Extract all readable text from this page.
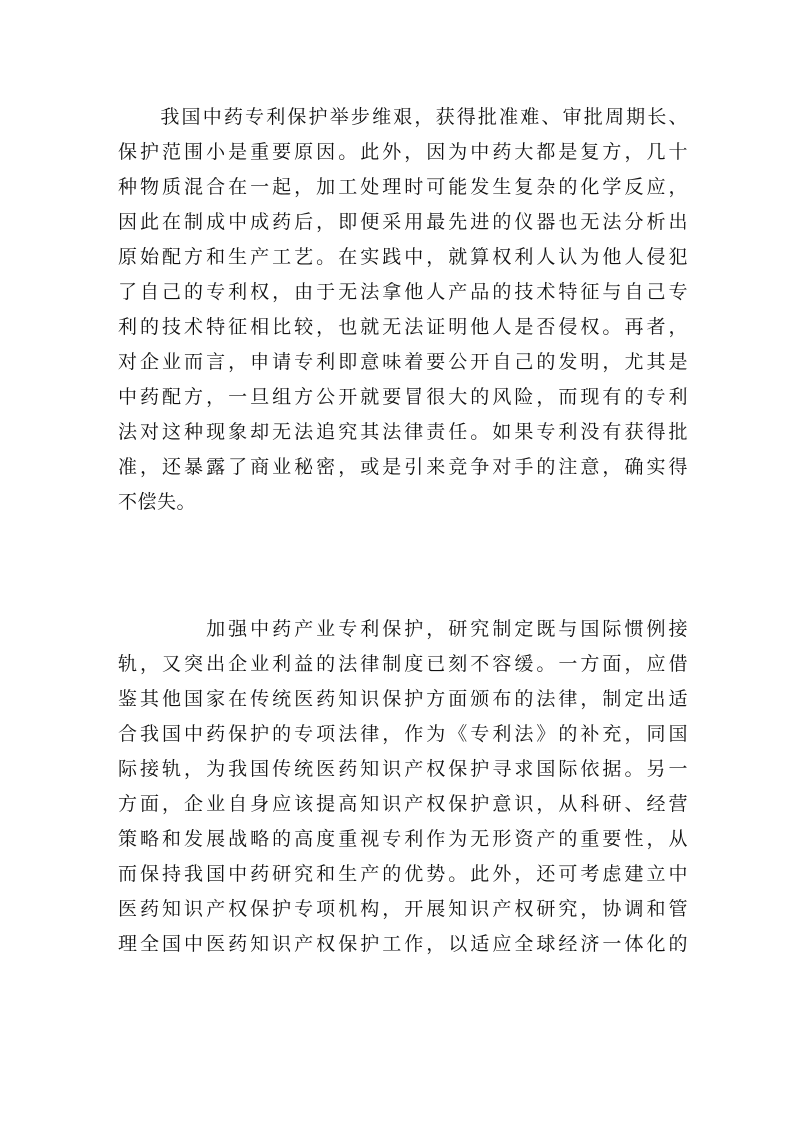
　　我国中药专利保护举步维艰，获得批准难、审批周期长、
保护范围小是重要原因。此外，因为中药大都是复方，几十
种物质混合在一起，加工处理时可能发生复杂的化学反应，
因此在制成中成药后，即便采用最先进的仪器也无法分析出
原始配方和生产工艺。在实践中，就算权利人认为他人侵犯
了自己的专利权，由于无法拿他人产品的技术特征与自己专
利的技术特征相比较，也就无法证明他人是否侵权。再者，
对企业而言，申请专利即意味着要公开自己的发明，尤其是
中药配方，一旦组方公开就要冒很大的风险，而现有的专利
法对这种现象却无法追究其法律责任。如果专利没有获得批
准，还暴露了商业秘密，或是引来竞争对手的注意，确实得
不偿失。
　　　　加强中药产业专利保护，研究制定既与国际惯例接
轨，又突出企业利益的法律制度已刻不容缓。一方面，应借
鉴其他国家在传统医药知识保护方面颁布的法律，制定出适
合我国中药保护的专项法律，作为《专利法》的补充，同国
际接轨，为我国传统医药知识产权保护寻求国际依据。另一
方面，企业自身应该提高知识产权保护意识，从科研、经营
策略和发展战略的高度重视专利作为无形资产的重要性，从
而保持我国中药研究和生产的优势。此外，还可考虑建立中
医药知识产权保护专项机构，开展知识产权研究，协调和管
理全国中医药知识产权保护工作，以适应全球经济一体化的
